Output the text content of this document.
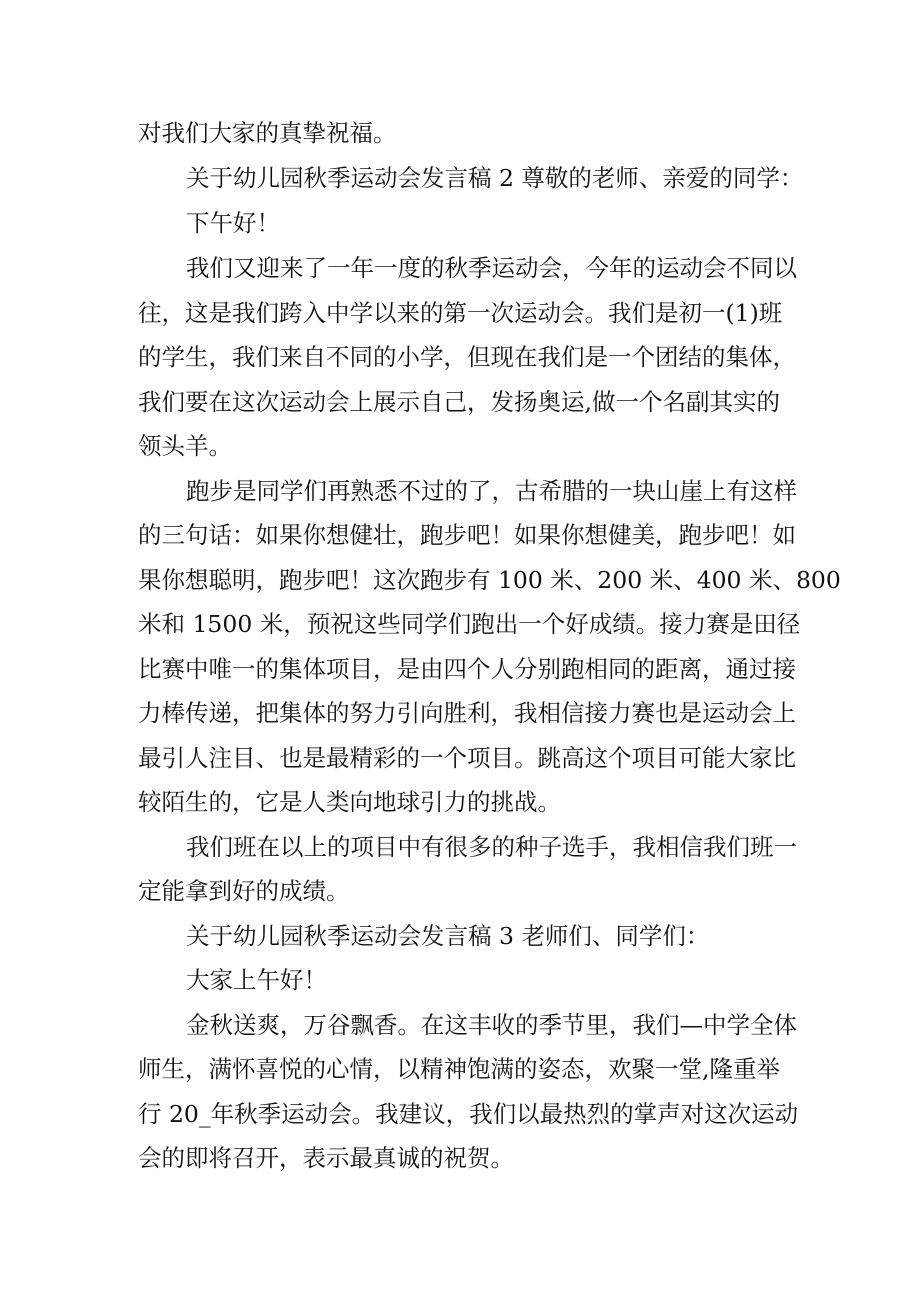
对我们大家的真挚祝福。
关于幼儿园秋季运动会发言稿 2 尊敬的老师、亲爱的同学：
下午好！
我们又迎来了一年一度的秋季运动会，今年的运动会不同以
往，这是我们跨入中学以来的第一次运动会。我们是初一(1)班
的学生，我们来自不同的小学，但现在我们是一个团结的集体，
我们要在这次运动会上展示自己，发扬奥运,做一个名副其实的
领头羊。
跑步是同学们再熟悉不过的了，古希腊的一块山崖上有这样
的三句话：如果你想健壮，跑步吧！如果你想健美，跑步吧！如
果你想聪明，跑步吧！这次跑步有 100 米、200 米、400 米、800
米和 1500 米，预祝这些同学们跑出一个好成绩。接力赛是田径
比赛中唯一的集体项目，是由四个人分别跑相同的距离，通过接
力棒传递，把集体的努力引向胜利，我相信接力赛也是运动会上
最引人注目、也是最精彩的一个项目。跳高这个项目可能大家比
较陌生的，它是人类向地球引力的挑战。
我们班在以上的项目中有很多的种子选手，我相信我们班一
定能拿到好的成绩。
关于幼儿园秋季运动会发言稿 3 老师们、同学们：
大家上午好！
金秋送爽，万谷飘香。在这丰收的季节里，我们—中学全体
师生，满怀喜悦的心情，以精神饱满的姿态，欢聚一堂,隆重举
行 20_年秋季运动会。我建议，我们以最热烈的掌声对这次运动
会的即将召开，表示最真诚的祝贺。
